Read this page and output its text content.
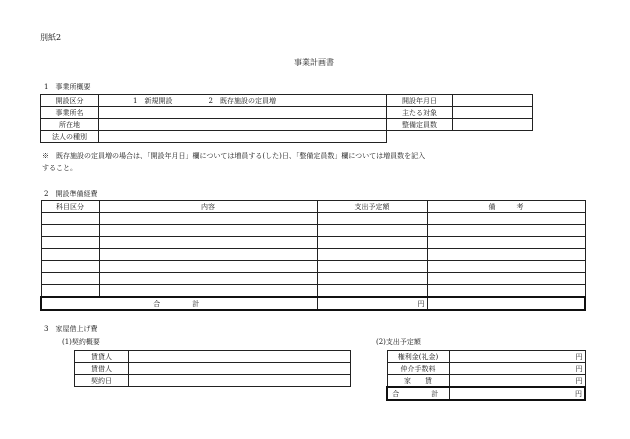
別紙2
事業計画書
1　事業所概要
開設区分	1　新規開設	2　既存施設の定員増	開設年月日	
事業所名			主たる対象	
所在地			整備定員数	
法人の種別				
※　既存施設の定員増の場合は、「開設年月日」欄については増員する(した)日、「整備定員数」欄については増員数を記入
すること。
2　開設準備経費
科目区分	内容	支出予定額	備　　　考

合　　計		円	
3　家屋借上げ費
(1)契約概要	(2)支出予定額
賃貸人	
賃借人	
契約日	
権利金(礼金)	円
仲介手数料	円
家　　賃	円
合　　計	円
